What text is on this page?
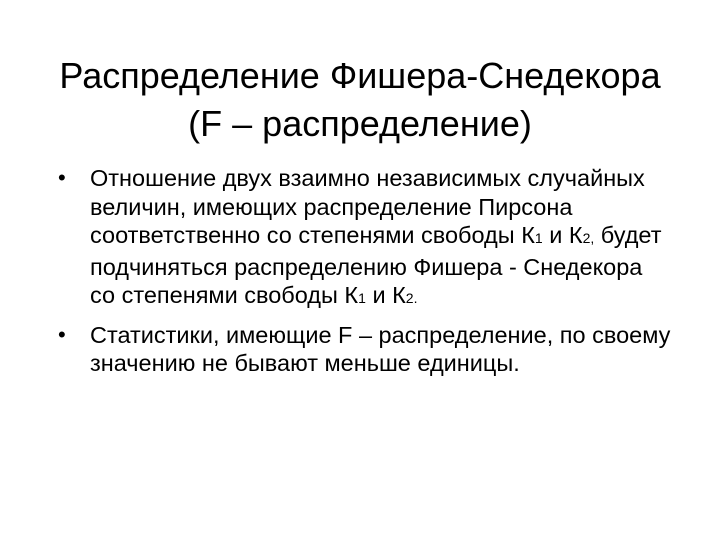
Распределение Фишера-Снедекора
(F – распределение)
• Отношение двух взаимно независимых случайных величин, имеющих распределение Пирсона соответственно со степенями свободы К1 и К2, будет подчиняться распределению Фишера - Снедекора со степенями свободы К1 и К2.
• Статистики, имеющие F – распределение, по своему значению не бывают меньше единицы.
